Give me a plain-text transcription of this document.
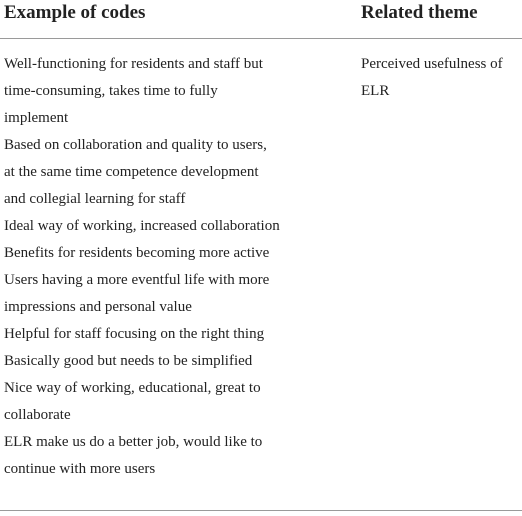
Example of codes	Related theme
Well-functioning for residents and staff but
time-consuming, takes time to fully
implement
Based on collaboration and quality to users,
at the same time competence development
and collegial learning for staff
Ideal way of working, increased collaboration
Benefits for residents becoming more active
Users having a more eventful life with more
impressions and personal value
Helpful for staff focusing on the right thing
Basically good but needs to be simplified
Nice way of working, educational, great to
collaborate
ELR make us do a better job, would like to
continue with more users
Perceived usefulness of ELR
